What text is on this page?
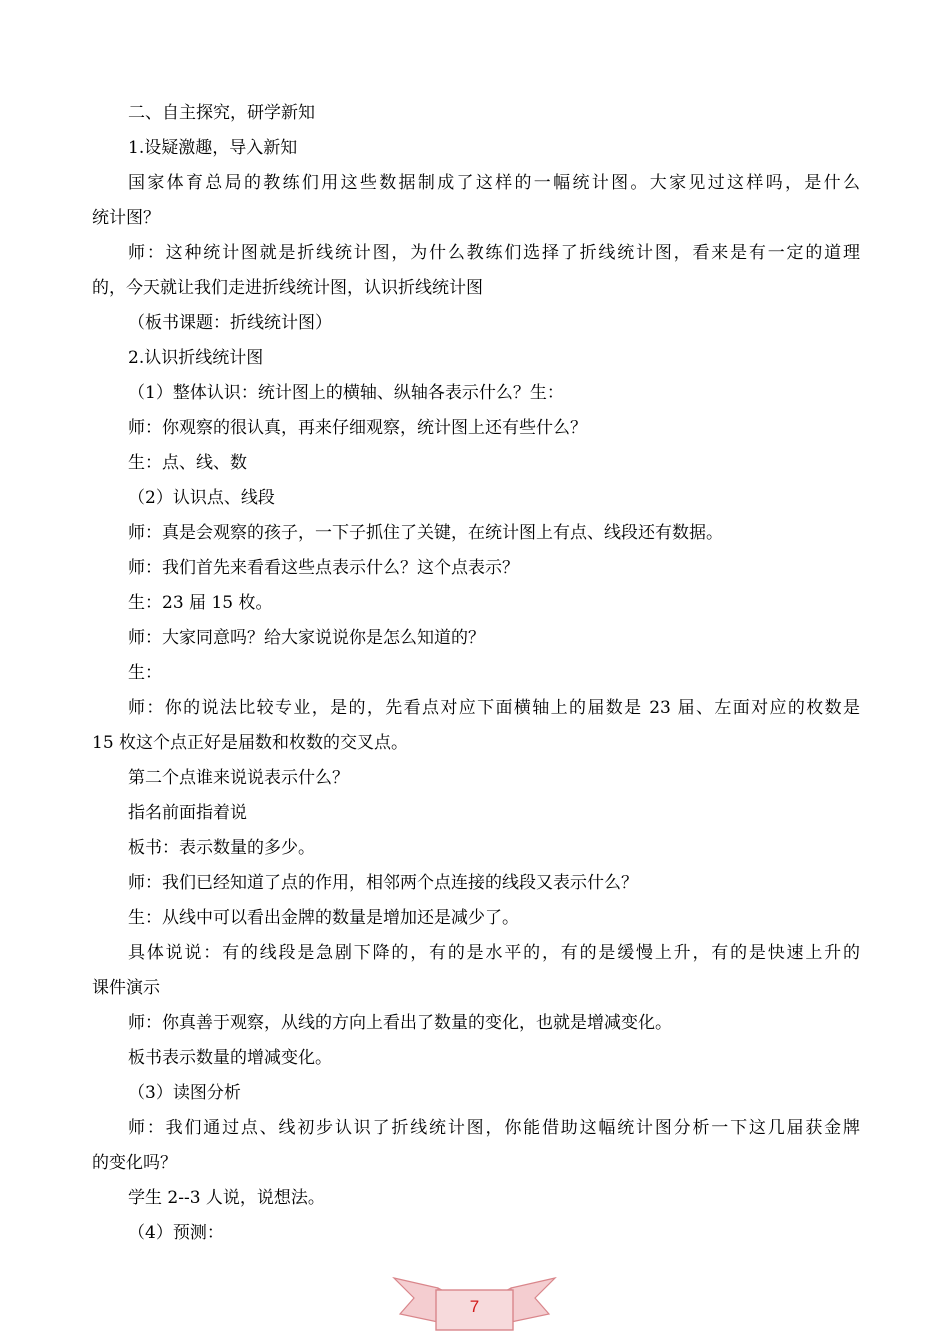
二、自主探究，研学新知
1.设疑激趣，导入新知
国家体育总局的教练们用这些数据制成了这样的一幅统计图。大家见过这样吗，是什么
统计图？
师：这种统计图就是折线统计图，为什么教练们选择了折线统计图，看来是有一定的道理
的，今天就让我们走进折线统计图，认识折线统计图
（板书课题：折线统计图）
2.认识折线统计图
（1）整体认识：统计图上的横轴、纵轴各表示什么？生：
师：你观察的很认真，再来仔细观察，统计图上还有些什么？
生：点、线、数
（2）认识点、线段
师：真是会观察的孩子，一下子抓住了关键，在统计图上有点、线段还有数据。
师：我们首先来看看这些点表示什么？这个点表示？
生：23 届 15 枚。
师：大家同意吗？给大家说说你是怎么知道的？
生：
师：你的说法比较专业，是的，先看点对应下面横轴上的届数是 23 届、左面对应的枚数是
15 枚这个点正好是届数和枚数的交叉点。
第二个点谁来说说表示什么？
指名前面指着说
板书：表示数量的多少。
师：我们已经知道了点的作用，相邻两个点连接的线段又表示什么？
生：从线中可以看出金牌的数量是增加还是减少了。
具体说说：有的线段是急剧下降的，有的是水平的，有的是缓慢上升，有的是快速上升的
课件演示
师：你真善于观察，从线的方向上看出了数量的变化，也就是增减变化。
板书表示数量的增减变化。
（3）读图分析
师：我们通过点、线初步认识了折线统计图，你能借助这幅统计图分析一下这几届获金牌
的变化吗？
学生 2--3 人说，说想法。
（4）预测：
7
